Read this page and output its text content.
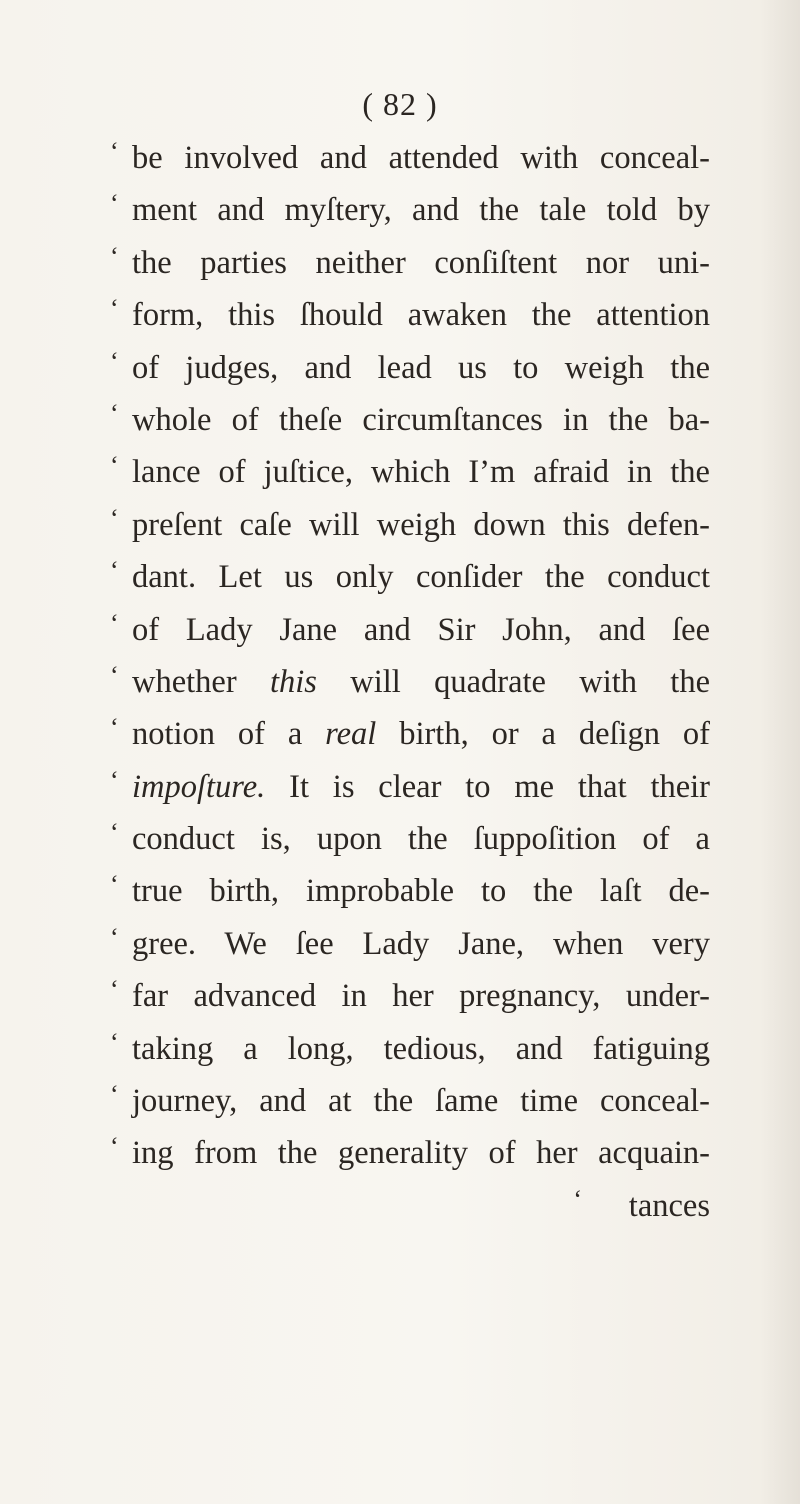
( 82 )
‘ be involved and attended with conceal-
‘ ment and myſtery, and the tale told by
‘ the parties neither conſiſtent nor uni-
‘ form, this ſhould awaken the attention
‘ of judges, and lead us to weigh the
‘ whole of theſe circumſtances in the ba-
‘ lance of juſtice, which I’m afraid in the
‘ preſent caſe will weigh down this defen-
‘ dant. Let us only conſider the conduct
‘ of Lady Jane and Sir John, and ſee
‘ whether this will quadrate with the
‘ notion of a real birth, or a deſign of
‘ impoſture. It is clear to me that their
‘ conduct is, upon the ſuppoſition of a
‘ true birth, improbable to the laſt de-
‘ gree. We ſee Lady Jane, when very
‘ far advanced in her pregnancy, under-
‘ taking a long, tedious, and fatiguing
‘ journey, and at the ſame time conceal-
‘ ing from the generality of her acquain-
‘	tances
